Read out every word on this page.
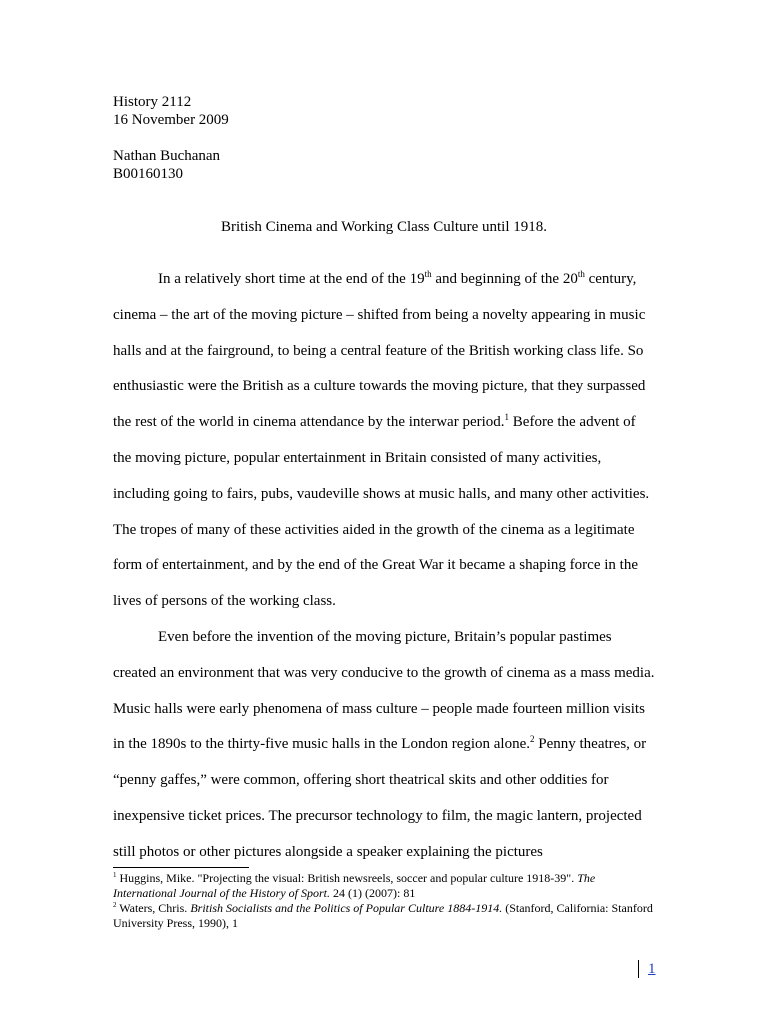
History 2112
16 November 2009
Nathan Buchanan
B00160130
British Cinema and Working Class Culture until 1918.

In a relatively short time at the end of the 19th and beginning of the 20th century, cinema – the art of the moving picture – shifted from being a novelty appearing in music halls and at the fairground, to being a central feature of the British working class life. So enthusiastic were the British as a culture towards the moving picture, that they surpassed the rest of the world in cinema attendance by the interwar period.$^1$ Before the advent of the moving picture, popular entertainment in Britain consisted of many activities, including going to fairs, pubs, vaudeville shows at music halls, and many other activities. The tropes of many of these activities aided in the growth of the cinema as a legitimate form of entertainment, and by the end of the Great War it became a shaping force in the lives of persons of the working class.

Even before the invention of the moving picture, Britain’s popular pastimes created an environment that was very conducive to the growth of cinema as a mass media. Music halls were early phenomena of mass culture – people made fourteen million visits in the 1890s to the thirty-five music halls in the London region alone.$^2$ Penny theatres, or “penny gaffes,” were common, offering short theatrical skits and other oddities for inexpensive ticket prices. The precursor technology to film, the magic lantern, projected still photos or other pictures alongside a speaker explaining the pictures

$^1$ Huggins, Mike. "Projecting the visual: British newsreels, soccer and popular culture 1918-39". The International Journal of the History of Sport. 24 (1) (2007): 81

$^2$ Waters, Chris. British Socialists and the Politics of Popular Culture 1884-1914. (Stanford, California: Stanford University Press, 1990), 1

1
